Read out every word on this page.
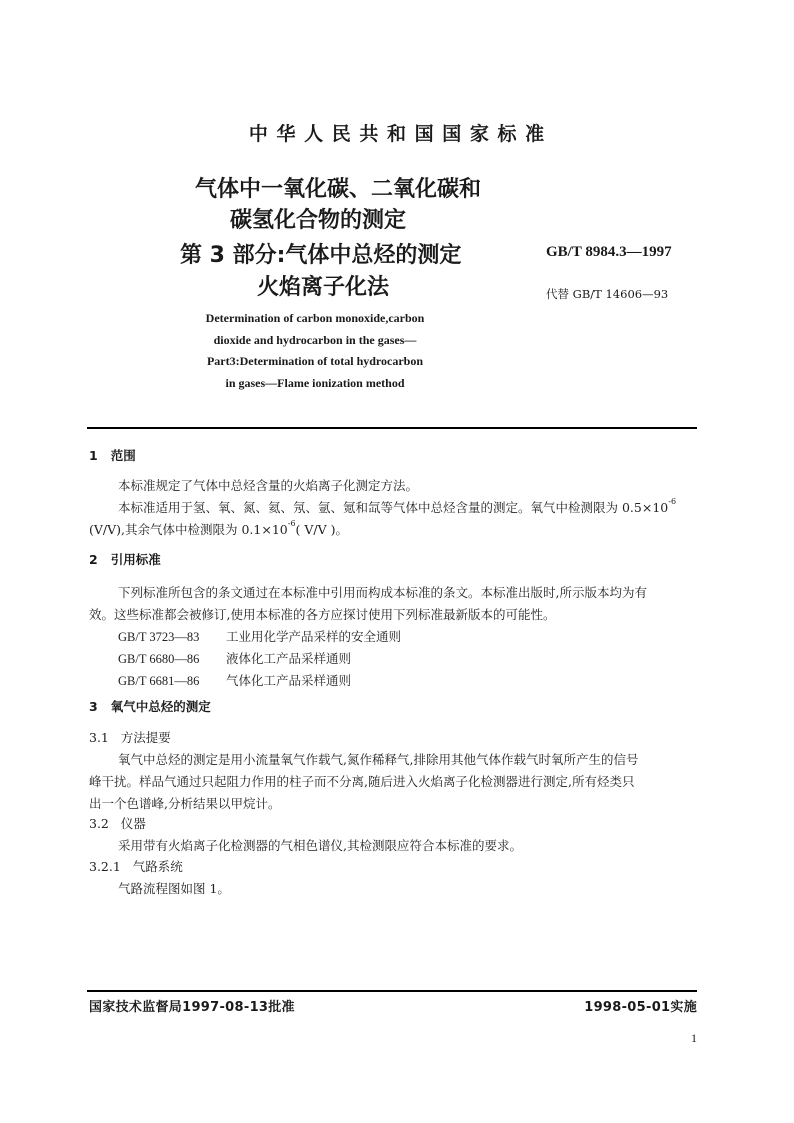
中 华 人 民 共 和 国 国 家 标 准
气体中一氧化碳、二氧化碳和
碳氢化合物的测定
第 3 部分:气体中总烃的测定
火焰离子化法
GB/T 8984.3—1997
代替 GB/T 14606—93
Determination of carbon monoxide,carbon
dioxide and hydrocarbon in the gases—
Part3:Determination of total hydrocarbon
in gases—Flame ionization method
1   范围
本标准规定了气体中总烃含量的火焰离子化测定方法。
本标准适用于氢、氧、氮、氦、氖、氩、氪和氙等气体中总烃含量的测定。氧气中检测限为 $0.5\times 10^{-6}$
(V/V),其余气体中检测限为 $0.1\times 10^{-6}$( V/V )。
2   引用标准
下列标准所包含的条文通过在本标准中引用而构成本标准的条文。本标准出版时,所示版本均为有
效。这些标准都会被修订,使用本标准的各方应探讨使用下列标准最新版本的可能性。
GB/T 3723—83 工业用化学产品采样的安全通则
GB/T 6680—86 液体化工产品采样通则
GB/T 6681—86 气体化工产品采样通则
3   氧气中总烃的测定
3.1   方法提要
氧气中总烃的测定是用小流量氧气作载气,氮作稀释气,排除用其他气体作载气时氧所产生的信号
峰干扰。样品气通过只起阻力作用的柱子而不分离,随后进入火焰离子化检测器进行测定,所有烃类只
出一个色谱峰,分析结果以甲烷计。
3.2   仪器
采用带有火焰离子化检测器的气相色谱仪,其检测限应符合本标准的要求。
3.2.1   气路系统
气路流程图如图 1。
国家技术监督局1997-08-13批准	1998-05-01实施
1
